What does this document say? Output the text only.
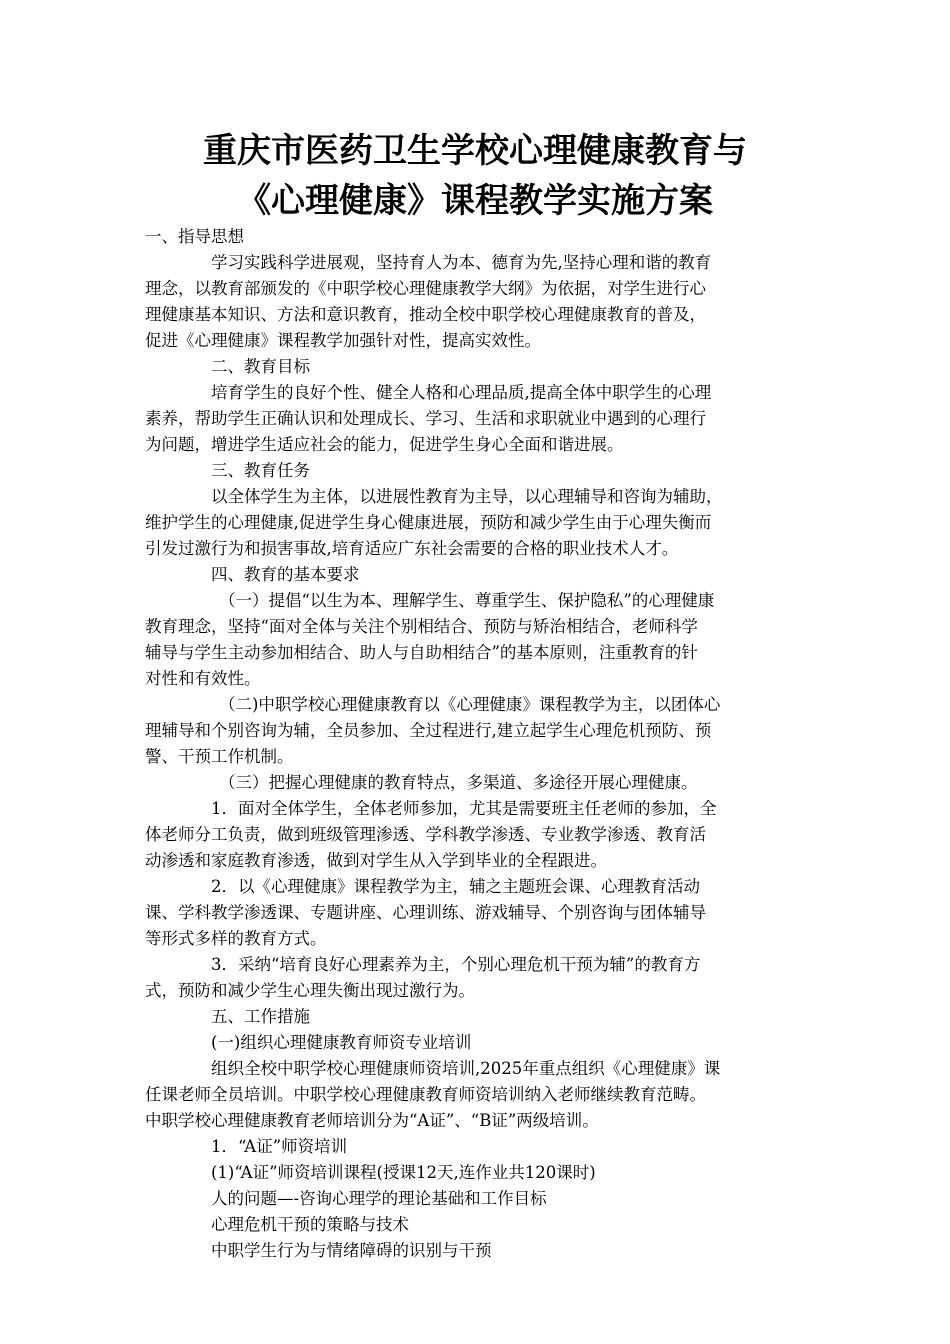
重庆市医药卫生学校心理健康教育与
《心理健康》课程教学实施方案
一、指导思想
学习实践科学进展观，坚持育人为本、德育为先,坚持心理和谐的教育
理念，以教育部颁发的《中职学校心理健康教学大纲》为依据，对学生进行心
理健康基本知识、方法和意识教育，推动全校中职学校心理健康教育的普及，
促进《心理健康》课程教学加强针对性，提高实效性。
二、教育目标
培育学生的良好个性、健全人格和心理品质,提高全体中职学生的心理
素养，帮助学生正确认识和处理成长、学习、生活和求职就业中遇到的心理行
为问题，增进学生适应社会的能力，促进学生身心全面和谐进展。
三、教育任务
以全体学生为主体，以进展性教育为主导，以心理辅导和咨询为辅助，
维护学生的心理健康,促进学生身心健康进展，预防和减少学生由于心理失衡而
引发过激行为和损害事故,培育适应广东社会需要的合格的职业技术人才。
四、教育的基本要求
（一）提倡“以生为本、理解学生、尊重学生、保护隐私”的心理健康
教育理念，坚持“面对全体与关注个别相结合、预防与矫治相结合，老师科学
辅导与学生主动参加相结合、助人与自助相结合”的基本原则，注重教育的针
对性和有效性。
（二)中职学校心理健康教育以《心理健康》课程教学为主，以团体心
理辅导和个别咨询为辅，全员参加、全过程进行,建立起学生心理危机预防、预
警、干预工作机制。
（三）把握心理健康的教育特点，多渠道、多途径开展心理健康。
1．面对全体学生，全体老师参加，尤其是需要班主任老师的参加，全
体老师分工负责，做到班级管理渗透、学科教学渗透、专业教学渗透、教育活
动渗透和家庭教育渗透，做到对学生从入学到毕业的全程跟进。
2．以《心理健康》课程教学为主，辅之主题班会课、心理教育活动
课、学科教学渗透课、专题讲座、心理训练、游戏辅导、个别咨询与团体辅导
等形式多样的教育方式。
3．采纳“培育良好心理素养为主，个别心理危机干预为辅”的教育方
式，预防和减少学生心理失衡出现过激行为。
五、工作措施
(一)组织心理健康教育师资专业培训
组织全校中职学校心理健康师资培训,2025年重点组织《心理健康》课
任课老师全员培训。中职学校心理健康教育师资培训纳入老师继续教育范畴。
中职学校心理健康教育老师培训分为“A证”、“B证”两级培训。
1．“A证”师资培训
(1)“A证”师资培训课程(授课12天,连作业共120课时)
人的问题—-咨询心理学的理论基础和工作目标
心理危机干预的策略与技术
中职学生行为与情绪障碍的识别与干预
